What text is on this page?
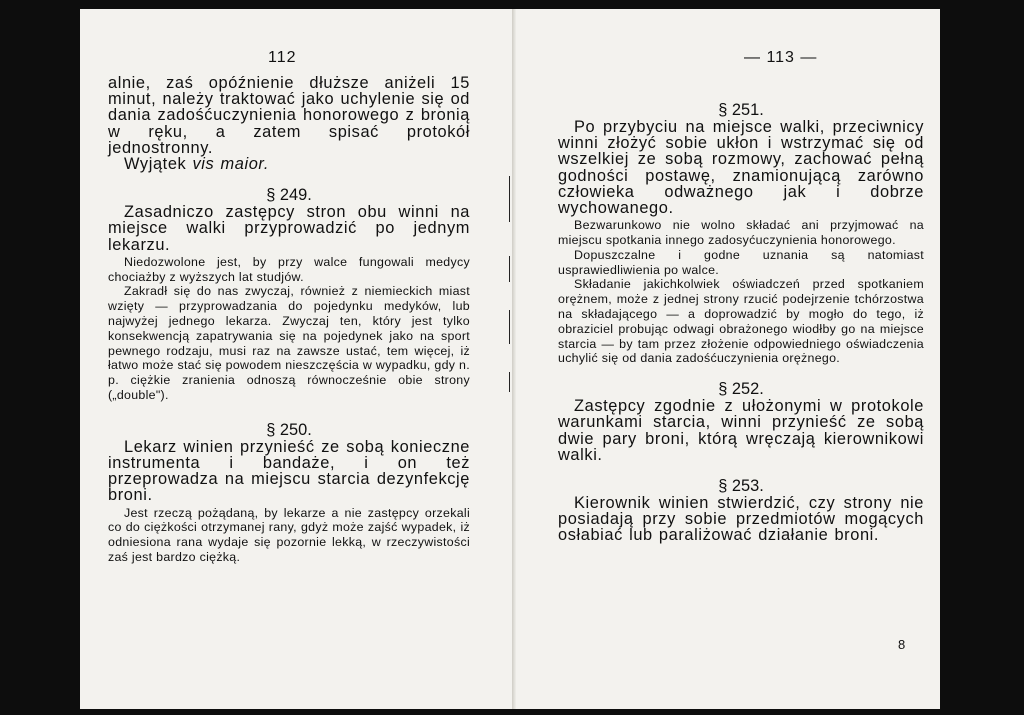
112

alnie, zaś opóźnienie dłuższe aniżeli 15 minut, należy traktować jako uchylenie się od dania zadośćuczynienia honorowego z bronią w ręku, a zatem spisać protokół jednostronny.

Wyjątek vis maior.

§ 249.

Zasadniczo zastępcy stron obu winni na miejsce walki przyprowadzić po jednym lekarzu.

Niedozwolone jest, by przy walce fungowali medycy chociażby z wyższych lat studjów.

Zakradł się do nas zwyczaj, również z niemieckich miast wzięty — przyprowadzania do pojedynku medyków, lub najwyżej jednego lekarza. Zwyczaj ten, który jest tylko konsekwencją zapatrywania się na pojedynek jako na sport pewnego rodzaju, musi raz na zawsze ustać, tem więcej, iż łatwo może stać się powodem nieszczęścia w wypadku, gdy n. p. ciężkie zranienia odnoszą równocześnie obie strony („double").

§ 250.

Lekarz winien przynieść ze sobą konieczne instrumenta i bandaże, i on też przeprowadza na miejscu starcia dezynfekcję broni.

Jest rzeczą pożądaną, by lekarze a nie zastępcy orzekali co do ciężkości otrzymanej rany, gdyż może zajść wypadek, iż odniesiona rana wydaje się pozornie lekką, w rzeczywistości zaś jest bardzo ciężką.

— 113 —
§ 251.

Po przybyciu na miejsce walki, przeciwnicy winni złożyć sobie ukłon i wstrzymać się od wszelkiej ze sobą rozmowy, zachować pełną godności postawę, znamionującą zarówno człowieka odważnego jak i dobrze wychowanego.

Bezwarunkowo nie wolno składać ani przyjmować na miejscu spotkania innego zadosyćuczynienia honorowego.

Dopuszczalne i godne uznania są natomiast usprawiedliwienia po walce.

Składanie jakichkolwiek oświadczeń przed spotkaniem orężnem, może z jednej strony rzucić podejrzenie tchórzostwa na składającego — a doprowadzić by mogło do tego, iż obraziciel probując odwagi obrażonego wiodłby go na miejsce starcia — by tam przez złożenie odpowiedniego oświadczenia uchylić się od dania zadośćuczynienia orężnego.

§ 252.

Zastępcy zgodnie z ułożonymi w protokole warunkami starcia, winni przynieść ze sobą dwie pary broni, którą wręczają kierownikowi walki.

§ 253.

Kierownik winien stwierdzić, czy strony nie posiadają przy sobie przedmiotów mogących osłabiać lub paraliżować działanie broni.

8
